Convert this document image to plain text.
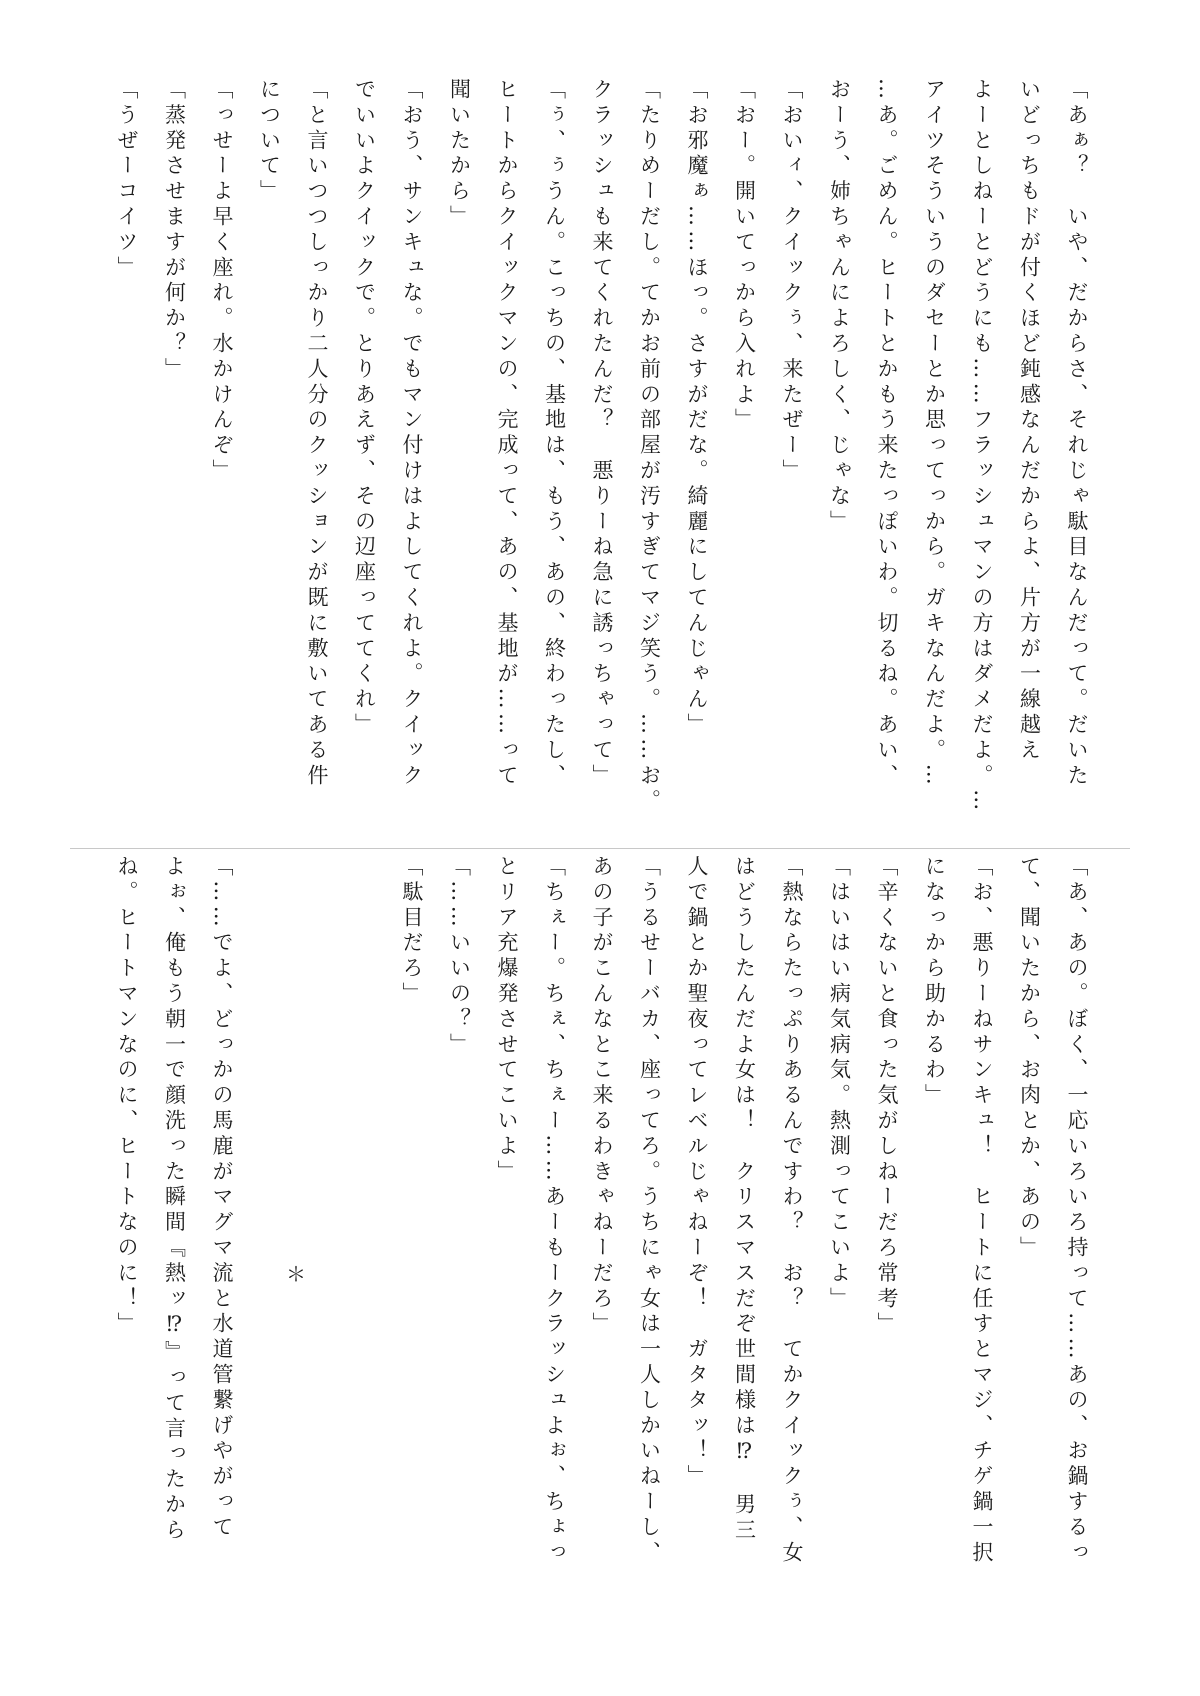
「あぁ？　いや、だからさ、それじゃ駄目なんだって。だいた
いどっちもドが付くほど鈍感なんだからよ、片方が一線越え
よーとしねーとどうにも……フラッシュマンの方はダメだよ。…
アイツそういうのダセーとか思ってっから。ガキなんだよ。…
…あ。ごめん。ヒートとかもう来たっぽいわ。切るね。あい、
おーう、姉ちゃんによろしく、じゃな」
「おいィ、クイックぅ、来たぜー」
「おー。開いてっから入れよ」
「お邪魔ぁ……ほっ。さすがだな。綺麗にしてんじゃん」
「たりめーだし。てかお前の部屋が汚すぎてマジ笑う。……お。
クラッシュも来てくれたんだ？　悪りーね急に誘っちゃって」
「ぅ、ぅうん。こっちの、基地は、もう、あの、終わったし、
ヒートからクイックマンの、完成って、あの、基地が……って
聞いたから」
「おう、サンキュな。でもマン付けはよしてくれよ。クイック
でいいよクイックで。とりあえず、その辺座っててくれ」
「と言いつつしっかり二人分のクッションが既に敷いてある件
について」
「っせーよ早く座れ。水かけんぞ」
「蒸発させますが何か？」
「うぜーコイツ」
「あ、あの。ぼく、一応いろいろ持って……あの、お鍋するっ
て、聞いたから、お肉とか、あの」
「お、悪りーねサンキュ！　ヒートに任すとマジ、チゲ鍋一択
になっから助かるわ」
「辛くないと食った気がしねーだろ常考」
「はいはい病気病気。熱測ってこいよ」
「熱ならたっぷりあるんですわ？　お？　てかクイックぅ、女
はどうしたんだよ女は！　クリスマスだぞ世間様は⁉　男三
人で鍋とか聖夜ってレベルじゃねーぞ！　ガタタッ！」
「うるせーバカ、座ってろ。うちにゃ女は一人しかいねーし、
あの子がこんなとこ来るわきゃねーだろ」
「ちぇー。ちぇ、ちぇー……あーもークラッシュよぉ、ちょっ
とリア充爆発させてこいよ」
「……いいの？」
「駄目だろ」

「……でよ、どっかの馬鹿がマグマ流と水道管繋げやがって
よぉ、俺もう朝一で顔洗った瞬間『熱ッ⁉』って言ったから
ね。ヒートマンなのに、ヒートなのに！」	＊
